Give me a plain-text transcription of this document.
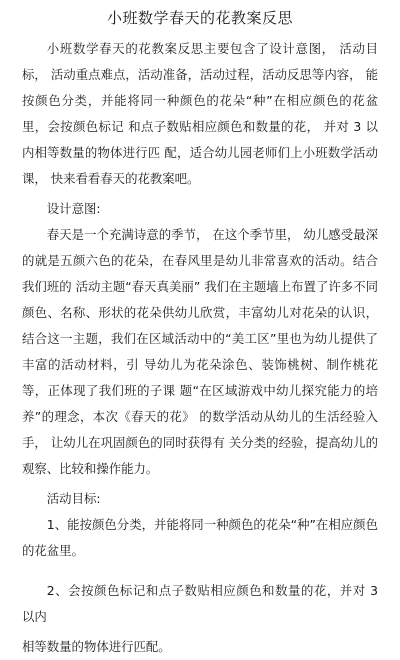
小班数学春天的花教案反思

小班数学春天的花教案反思主要包含了设计意图， 活动目标， 活动重点难点，活动准备，活动过程，活动反思等内容， 能按颜色分类，并能将同一种颜色的花朵“种”在相应颜色的花盆里，会按颜色标记 和点子数贴相应颜色和数量的花， 并对 3 以内相等数量的物体进行匹 配，适合幼儿园老师们上小班数学活动课， 快来看看春天的花教案吧。

设计意图:

春天是一个充满诗意的季节， 在这个季节里， 幼儿感受最深的就是五颜六色的花朵，在春风里是幼儿非常喜欢的活动。结合我们班的 活动主题“春天真美丽” 我们在主题墙上布置了许多不同颜色、名称、形状的花朵供幼儿欣赏，丰富幼儿对花朵的认识，结合这一主题，我们在区域活动中的“美工区”里也为幼儿提供了丰富的活动材料，引 导幼儿为花朵涂色、装饰桃树、制作桃花等，正体现了我们班的子课 题“在区域游戏中幼儿探究能力的培养”的理念，本次《春天的花》 的数学活动从幼儿的生活经验入手， 让幼儿在巩固颜色的同时获得有 关分类的经验，提高幼儿的观察、比较和操作能力。

活动目标:

1、能按颜色分类，并能将同一种颜色的花朵“种”在相应颜色 的花盆里。

2、会按颜色标记和点子数贴相应颜色和数量的花，并对 3 以内

相等数量的物体进行匹配。
